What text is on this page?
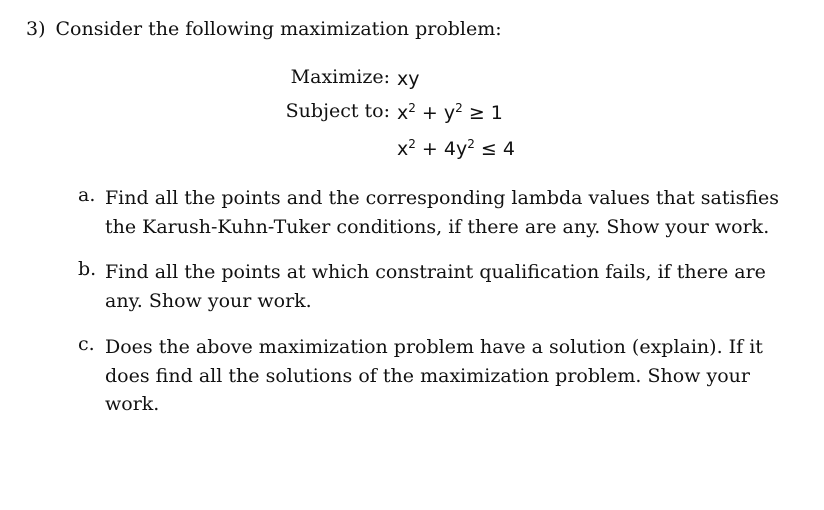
3) Consider the following maximization problem:
Maximize: xy
Subject to: $x^2 + y^2 \ge 1$
$x^2 + 4y^2 \le 4$
a. Find all the points and the corresponding lambda values that satisfies
the Karush-Kuhn-Tuker conditions, if there are any. Show your work.
b. Find all the points at which constraint qualification fails, if there are
any. Show your work.
c. Does the above maximization problem have a solution (explain). If it
does find all the solutions of the maximization problem. Show your
work.
